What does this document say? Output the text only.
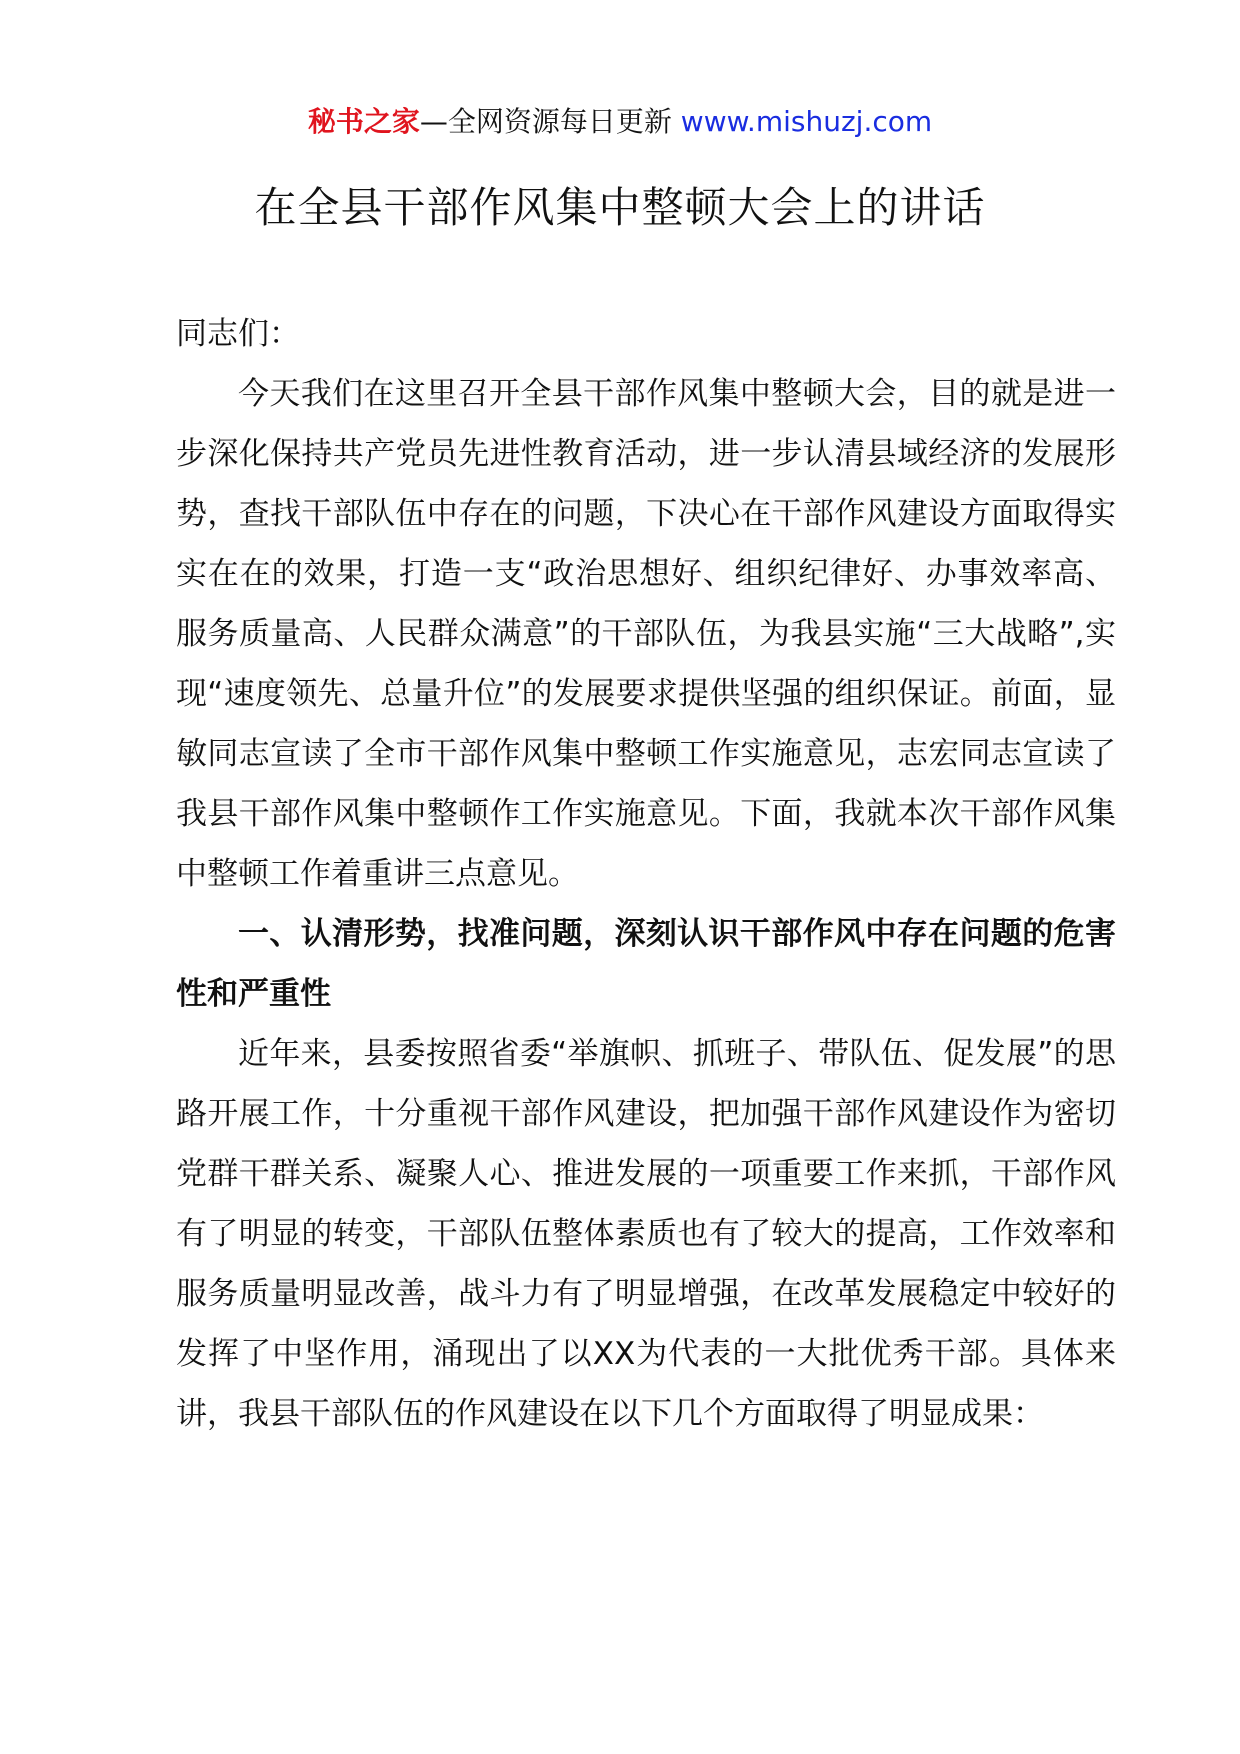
秘书之家—全网资源每日更新 www.mishuzj.com
在全县干部作风集中整顿大会上的讲话

同志们：

今天我们在这里召开全县干部作风集中整顿大会，目的就是进一步深化保持共产党员先进性教育活动，进一步认清县域经济的发展形势，查找干部队伍中存在的问题，下决心在干部作风建设方面取得实实在在的效果，打造一支“政治思想好、组织纪律好、办事效率高、服务质量高、人民群众满意”的干部队伍，为我县实施“三大战略”,实现“速度领先、总量升位”的发展要求提供坚强的组织保证。前面，显敏同志宣读了全市干部作风集中整顿工作实施意见，志宏同志宣读了我县干部作风集中整顿作工作实施意见。下面，我就本次干部作风集中整顿工作着重讲三点意见。

一、认清形势，找准问题，深刻认识干部作风中存在问题的危害性和严重性

近年来，县委按照省委“举旗帜、抓班子、带队伍、促发展”的思路开展工作，十分重视干部作风建设，把加强干部作风建设作为密切党群干群关系、凝聚人心、推进发展的一项重要工作来抓，干部作风有了明显的转变，干部队伍整体素质也有了较大的提高，工作效率和服务质量明显改善，战斗力有了明显增强，在改革发展稳定中较好的发挥了中坚作用，涌现出了以XX为代表的一大批优秀干部。具体来讲，我县干部队伍的作风建设在以下几个方面取得了明显成果：
